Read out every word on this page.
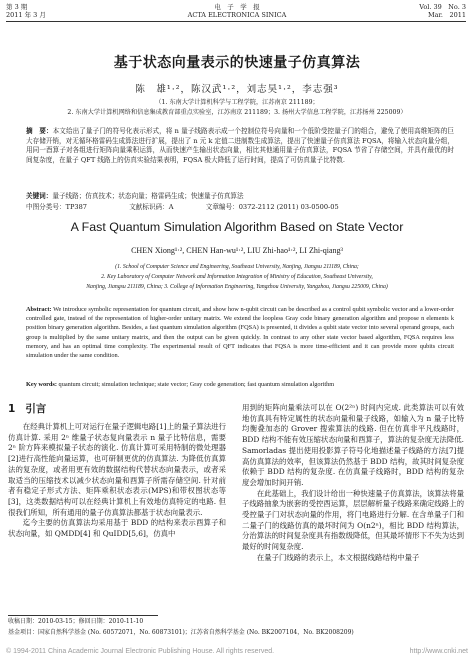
第 3 期
2011 年 3 月
电　子　学　报
ACTA ELECTRONICA SINICA
Vol. 39　No. 3
Mar.　2011
基于状态向量表示的快速量子仿真算法
陈　雄¹·²，陈汉武¹·²，刘志昊¹·²，李志强³
（1. 东南大学计算机科学与工程学院，江苏南京 211189；
2. 东南大学计算机网络和信息集成教育部重点实验室，江苏南京 211189；3. 扬州大学信息工程学院，江苏扬州 225009）
摘　要：本文给出了量子门的符号化表示形式，将 n 量子线路表示成一个控制位符号向量和一个低阶受控量子门的组合，避免了使用高维矩阵的巨大存储开销，对无循环格雷码生成算法进行扩展，提出了 n 元 k 定值二进制数生成算法，提出了快速量子仿真算法 FQSA，将输入状态向量分组，用同一酉算子对各组进行矩阵向量乘积运算，从而快速产生输出状态向量，相比其他通用量子仿真算法，FQSA 节省了存储空间，并具有最优的时间复杂度，在量子 QFT 线路上的仿真实验结果表明，FQSA 极大降低了运行时间，提高了可仿真量子比特数.
关键词：量子线路；仿真技术；状态向量；格雷码生成；快速量子仿真算法
中图分类号：TP387	文献标识码：A	文章编号：0372-2112 (2011) 03-0500-05
A Fast Quantum Simulation Algorithm Based on State Vector
CHEN Xiong¹·², CHEN Han-wu¹·², LIU Zhi-hao¹·², LI Zhi-qiang³
(1. School of Computer Science and Engineering, Southeast University, Nanjing, Jiangsu 211189, China;
2. Key Laboratory of Computer Network and Information Integration of Ministry of Education, Southeast University,
Nanjing, Jiangsu 211189, China; 3. College of Information Engineering, Yangzhou University, Yangzhou, Jiangsu 225009, China)
Abstract: We introduce symbolic representation for quantum circuit, and show how n-qubit circuit can be described as a control qubit symbolic vector and a lower-order controlled gate, instead of the representation of higher-order unitary matrix. We extend the loopless Gray code binary generation algorithm and propose n elements k position binary generation algorithm. Besides, a fast quantum simulation algorithm (FQSA) is presented, it divides a qubit state vector into several operand groups, each group is multiplied by the same unitary matrix, and then the output can be given quickly. In contrast to any other state vector based algorithm, FQSA requires less memory, and has an optimal time complexity. The experimental result of QFT indicates that FQSA is more time-efficient and it can provide more qubits circuit simulation under the same condition.
Key words: quantum circuit; simulation technique; state vector; Gray code generation; fast quantum simulation algorithm
1 引言

在经典计算机上可对运行在量子逻辑电路[1]上的量子算法进行仿真计算. 采用 2ⁿ 维量子状态复向量表示 n 量子比特信息，需要 2ⁿ 阶方阵来模拟量子状态的演化. 仿真计算可采用特制的微处理器[2]进行高性能向量运算，也可研制更优的仿真算法. 为降低仿真算法的复杂度，或者用更有效的数据结构代替状态向量表示，或者采取适当的压缩技术以减少状态向量和酉算子所需存储空间. 针对前者有稳定子形式方法、矩阵乘积状态表示(MPS)和带权图状态等[3]，这类数据结构可以在经典计算机上有效地仿真特定的电路. 但很我们所知，所有通用的量子仿真算法都基于状态向量表示.

迄今主要的仿真算法均采用基于 BDD 的结构来表示酉算子和状态向量，如 QMDD[4] 和 QuIDD[5,6]，仿真中

用到的矩阵向量乘法可以在 O(2²ⁿ) 时间内完成. 此类算法可以有效地仿真具有特定属性的状态向量和量子线路，如输入为 n 量子比特均衡叠加态的 Grover 搜索算法的线路. 但在仿真非平凡线路时，BDD 结构不能有效压缩状态向量和酉算子，算法的复杂度无法降低. Samorladas 提出使用投影算子符号化地描述量子线路的方法[7]提高仿真算法的效率，但该算法仍然基于 BDD 结构，故其时间复杂度依赖于 BDD 结构的复杂度. 在仿真量子线路时，BDD 结构的复杂度会增加时间开销.

在此基础上，我们设计给出一种快速量子仿真算法，该算法将量子线路抽象为嵌套的受控酉运算，层层解析量子线路来确定线路上的受控量子门对状态向量的作用，将门电路进行分解. 在含单量子门和二量子门的线路仿真的最坏时间为 O(n2ⁿ)，相比 BDD 结构算法，分治算法的时间复杂度具有指数级降低，但其最坏情形下不失为达到最好的时间复杂度.

在量子门线路的表示上，本文根据线路结构中量子

收稿日期：2010-03-15；修回日期：2010-11-10
基金项目：国家自然科学基金 (No. 60572071，No. 60873101)；江苏省自然科学基金 (No. BK2007104，No. BK2008209)
© 1994-2011 China Academic Journal Electronic Publishing House. All rights reserved.	http://www.cnki.net
